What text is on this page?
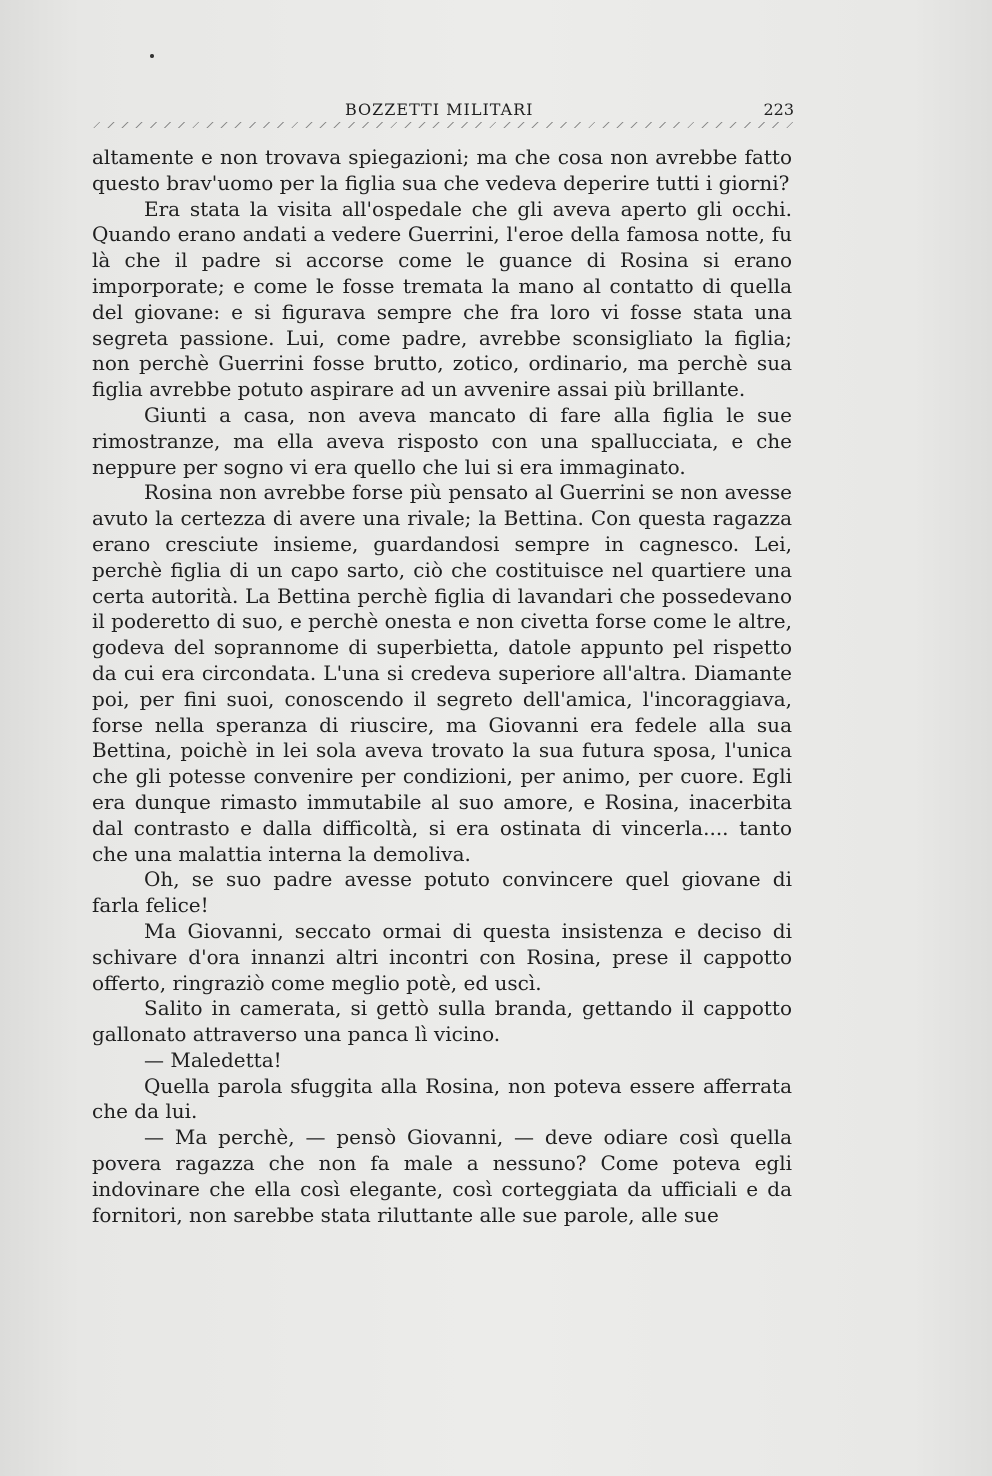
BOZZETTI MILITARI	223

altamente e non trovava spiegazioni; ma che cosa non avrebbe fatto questo brav'uomo per la figlia sua che vedeva deperire tutti i giorni?

Era stata la visita all'ospedale che gli aveva aperto gli occhi. Quando erano andati a vedere Guerrini, l'eroe della famosa notte, fu là che il padre si accorse come le guance di Rosina si erano imporporate; e come le fosse tremata la mano al contatto di quella del giovane: e si figurava sempre che fra loro vi fosse stata una segreta passione. Lui, come padre, avrebbe sconsigliato la figlia; non perchè Guerrini fosse brutto, zotico, ordinario, ma perchè sua figlia avrebbe potuto aspirare ad un avvenire assai più brillante.

Giunti a casa, non aveva mancato di fare alla figlia le sue rimostranze, ma ella aveva risposto con una spallucciata, e che neppure per sogno vi era quello che lui si era immaginato.

Rosina non avrebbe forse più pensato al Guerrini se non avesse avuto la certezza di avere una rivale; la Bettina. Con questa ragazza erano cresciute insieme, guardandosi sempre in cagnesco. Lei, perchè figlia di un capo sarto, ciò che costituisce nel quartiere una certa autorità. La Bettina perchè figlia di lavandari che possedevano il poderetto di suo, e perchè onesta e non civetta forse come le altre, godeva del soprannome di superbietta, datole appunto pel rispetto da cui era circondata. L'una si credeva superiore all'altra. Diamante poi, per fini suoi, conoscendo il segreto dell'amica, l'incoraggiava, forse nella speranza di riuscire, ma Giovanni era fedele alla sua Bettina, poichè in lei sola aveva trovato la sua futura sposa, l'unica che gli potesse convenire per condizioni, per animo, per cuore. Egli era dunque rimasto immutabile al suo amore, e Rosina, inacerbita dal contrasto e dalla difficoltà, si era ostinata di vincerla.... tanto che una malattia interna la demoliva.

Oh, se suo padre avesse potuto convincere quel giovane di farla felice!

Ma Giovanni, seccato ormai di questa insistenza e deciso di schivare d'ora innanzi altri incontri con Rosina, prese il cappotto offerto, ringraziò come meglio potè, ed uscì.

Salito in camerata, si gettò sulla branda, gettando il cappotto gallonato attraverso una panca lì vicino.

— Maledetta!

Quella parola sfuggita alla Rosina, non poteva essere afferrata che da lui.

— Ma perchè, — pensò Giovanni, — deve odiare così quella povera ragazza che non fa male a nessuno? Come poteva egli indovinare che ella così elegante, così corteggiata da ufficiali e da fornitori, non sarebbe stata riluttante alle sue parole, alle sue
